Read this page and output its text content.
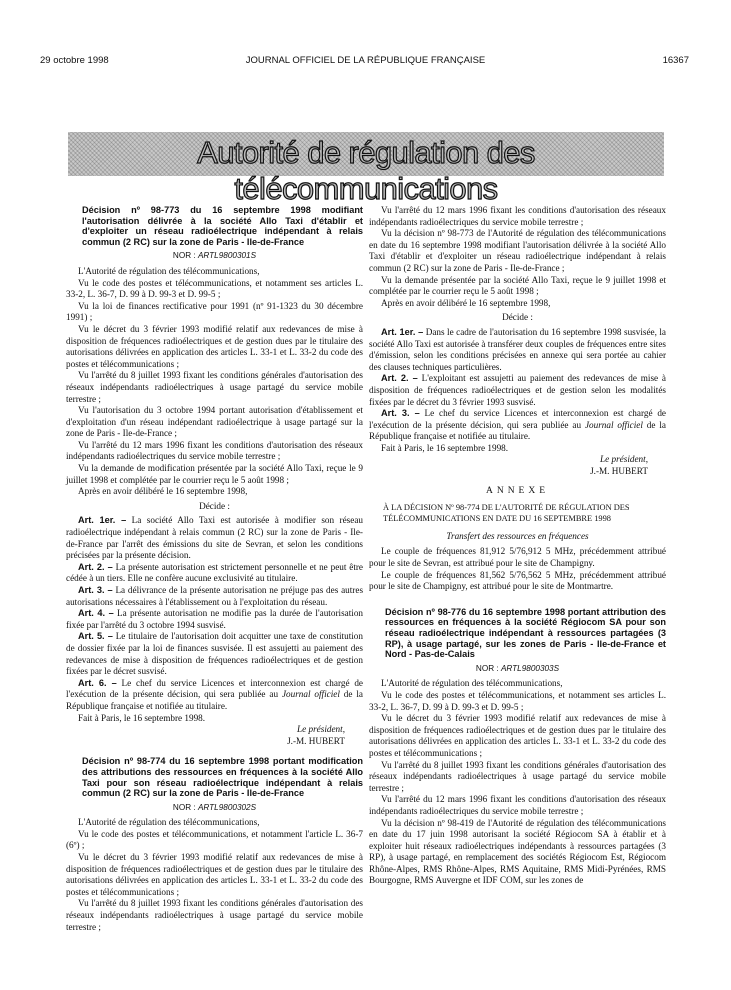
29 octobre 1998	JOURNAL OFFICIEL DE LA RÉPUBLIQUE FRANÇAISE	16367
Autorité de régulation des télécommunications
Décision nº 98-773 du 16 septembre 1998 modifiant l'autorisation délivrée à la société Allo Taxi d'établir et d'exploiter un réseau radioélectrique indépendant à relais commun (2 RC) sur la zone de Paris - Ile-de-France
NOR : ARTL9800301S

L'Autorité de régulation des télécommunications,

Vu le code des postes et télécommunications, et notamment ses articles L. 33-2, L. 36-7, D. 99 à D. 99-3 et D. 99-5 ;

Vu la loi de finances rectificative pour 1991 (nº 91-1323 du 30 décembre 1991) ;

Vu le décret du 3 février 1993 modifié relatif aux redevances de mise à disposition de fréquences radioélectriques et de gestion dues par le titulaire des autorisations délivrées en application des articles L. 33-1 et L. 33-2 du code des postes et télécommunications ;

Vu l'arrêté du 8 juillet 1993 fixant les conditions générales d'autorisation des réseaux indépendants radioélectriques à usage partagé du service mobile terrestre ;

Vu l'autorisation du 3 octobre 1994 portant autorisation d'établissement et d'exploitation d'un réseau indépendant radioélectrique à usage partagé sur la zone de Paris - Ile-de-France ;

Vu l'arrêté du 12 mars 1996 fixant les conditions d'autorisation des réseaux indépendants radioélectriques du service mobile terrestre ;

Vu la demande de modification présentée par la société Allo Taxi, reçue le 9 juillet 1998 et complétée par le courrier reçu le 5 août 1998 ;

Après en avoir délibéré le 16 septembre 1998,

Décide :

Art. 1er. – La société Allo Taxi est autorisée à modifier son réseau radioélectrique indépendant à relais commun (2 RC) sur la zone de Paris - Ile-de-France par l'arrêt des émissions du site de Sevran, et selon les conditions précisées par la présente décision.

Art. 2. – La présente autorisation est strictement personnelle et ne peut être cédée à un tiers. Elle ne confère aucune exclusivité au titulaire.

Art. 3. – La délivrance de la présente autorisation ne préjuge pas des autres autorisations nécessaires à l'établissement ou à l'exploitation du réseau.

Art. 4. – La présente autorisation ne modifie pas la durée de l'autorisation fixée par l'arrêté du 3 octobre 1994 susvisé.

Art. 5. – Le titulaire de l'autorisation doit acquitter une taxe de constitution de dossier fixée par la loi de finances susvisée. Il est assujetti au paiement des redevances de mise à disposition de fréquences radioélectriques et de gestion fixées par le décret susvisé.

Art. 6. – Le chef du service Licences et interconnexion est chargé de l'exécution de la présente décision, qui sera publiée au Journal officiel de la République française et notifiée au titulaire.

Fait à Paris, le 16 septembre 1998.

Le président,
J.-M. HUBERT
Décision nº 98-774 du 16 septembre 1998 portant modification des attributions des ressources en fréquences à la société Allo Taxi pour son réseau radioélectrique indépendant à relais commun (2 RC) sur la zone de Paris - Ile-de-France
NOR : ARTL9800302S

L'Autorité de régulation des télécommunications,

Vu le code des postes et télécommunications, et notamment l'article L. 36-7 (6º) ;

Vu le décret du 3 février 1993 modifié relatif aux redevances de mise à disposition de fréquences radioélectriques et de gestion dues par le titulaire des autorisations délivrées en application des articles L. 33-1 et L. 33-2 du code des postes et télécommunications ;

Vu l'arrêté du 8 juillet 1993 fixant les conditions générales d'autorisation des réseaux indépendants radioélectriques à usage partagé du service mobile terrestre ;

Vu l'arrêté du 12 mars 1996 fixant les conditions d'autorisation des réseaux indépendants radioélectriques du service mobile terrestre ;

Vu la décision nº 98-773 de l'Autorité de régulation des télécommunications en date du 16 septembre 1998 modifiant l'autorisation délivrée à la société Allo Taxi d'établir et d'exploiter un réseau radioélectrique indépendant à relais commun (2 RC) sur la zone de Paris - Ile-de-France ;

Vu la demande présentée par la société Allo Taxi, reçue le 9 juillet 1998 et complétée par le courrier reçu le 5 août 1998 ;

Après en avoir délibéré le 16 septembre 1998,

Décide :

Art. 1er. – Dans le cadre de l'autorisation du 16 septembre 1998 susvisée, la société Allo Taxi est autorisée à transférer deux couples de fréquences entre sites d'émission, selon les conditions précisées en annexe qui sera portée au cahier des clauses techniques particulières.

Art. 2. – L'exploitant est assujetti au paiement des redevances de mise à disposition de fréquences radioélectriques et de gestion selon les modalités fixées par le décret du 3 février 1993 susvisé.

Art. 3. – Le chef du service Licences et interconnexion est chargé de l'exécution de la présente décision, qui sera publiée au Journal officiel de la République française et notifiée au titulaire.

Fait à Paris, le 16 septembre 1998.

Le président,
J.-M. HUBERT
ANNEXE
À LA DÉCISION Nº 98-774 DE L'AUTORITÉ DE RÉGULATION DES TÉLÉCOMMUNICATIONS EN DATE DU 16 SEPTEMBRE 1998
Transfert des ressources en fréquences

Le couple de fréquences 81,912 5/76,912 5 MHz, précédemment attribué pour le site de Sevran, est attribué pour le site de Champigny.

Le couple de fréquences 81,562 5/76,562 5 MHz, précédemment attribué pour le site de Champigny, est attribué pour le site de Montmartre.

Décision nº 98-776 du 16 septembre 1998 portant attribution des ressources en fréquences à la société Régiocom SA pour son réseau radioélectrique indépendant à ressources partagées (3 RP), à usage partagé, sur les zones de Paris - Ile-de-France et Nord - Pas-de-Calais
NOR : ARTL9800303S

L'Autorité de régulation des télécommunications,

Vu le code des postes et télécommunications, et notamment ses articles L. 33-2, L. 36-7, D. 99 à D. 99-3 et D. 99-5 ;

Vu le décret du 3 février 1993 modifié relatif aux redevances de mise à disposition de fréquences radioélectriques et de gestion dues par le titulaire des autorisations délivrées en application des articles L. 33-1 et L. 33-2 du code des postes et télécommunications ;

Vu l'arrêté du 8 juillet 1993 fixant les conditions générales d'autorisation des réseaux indépendants radioélectriques à usage partagé du service mobile terrestre ;

Vu l'arrêté du 12 mars 1996 fixant les conditions d'autorisation des réseaux indépendants radioélectriques du service mobile terrestre ;

Vu la décision nº 98-419 de l'Autorité de régulation des télécommunications en date du 17 juin 1998 autorisant la société Régiocom SA à établir et à exploiter huit réseaux radioélectriques indépendants à ressources partagées (3 RP), à usage partagé, en remplacement des sociétés Régiocom Est, Régiocom Rhône-Alpes, RMS Rhône-Alpes, RMS Aquitaine, RMS Midi-Pyrénées, RMS Bourgogne, RMS Auvergne et IDF COM, sur les zones de
